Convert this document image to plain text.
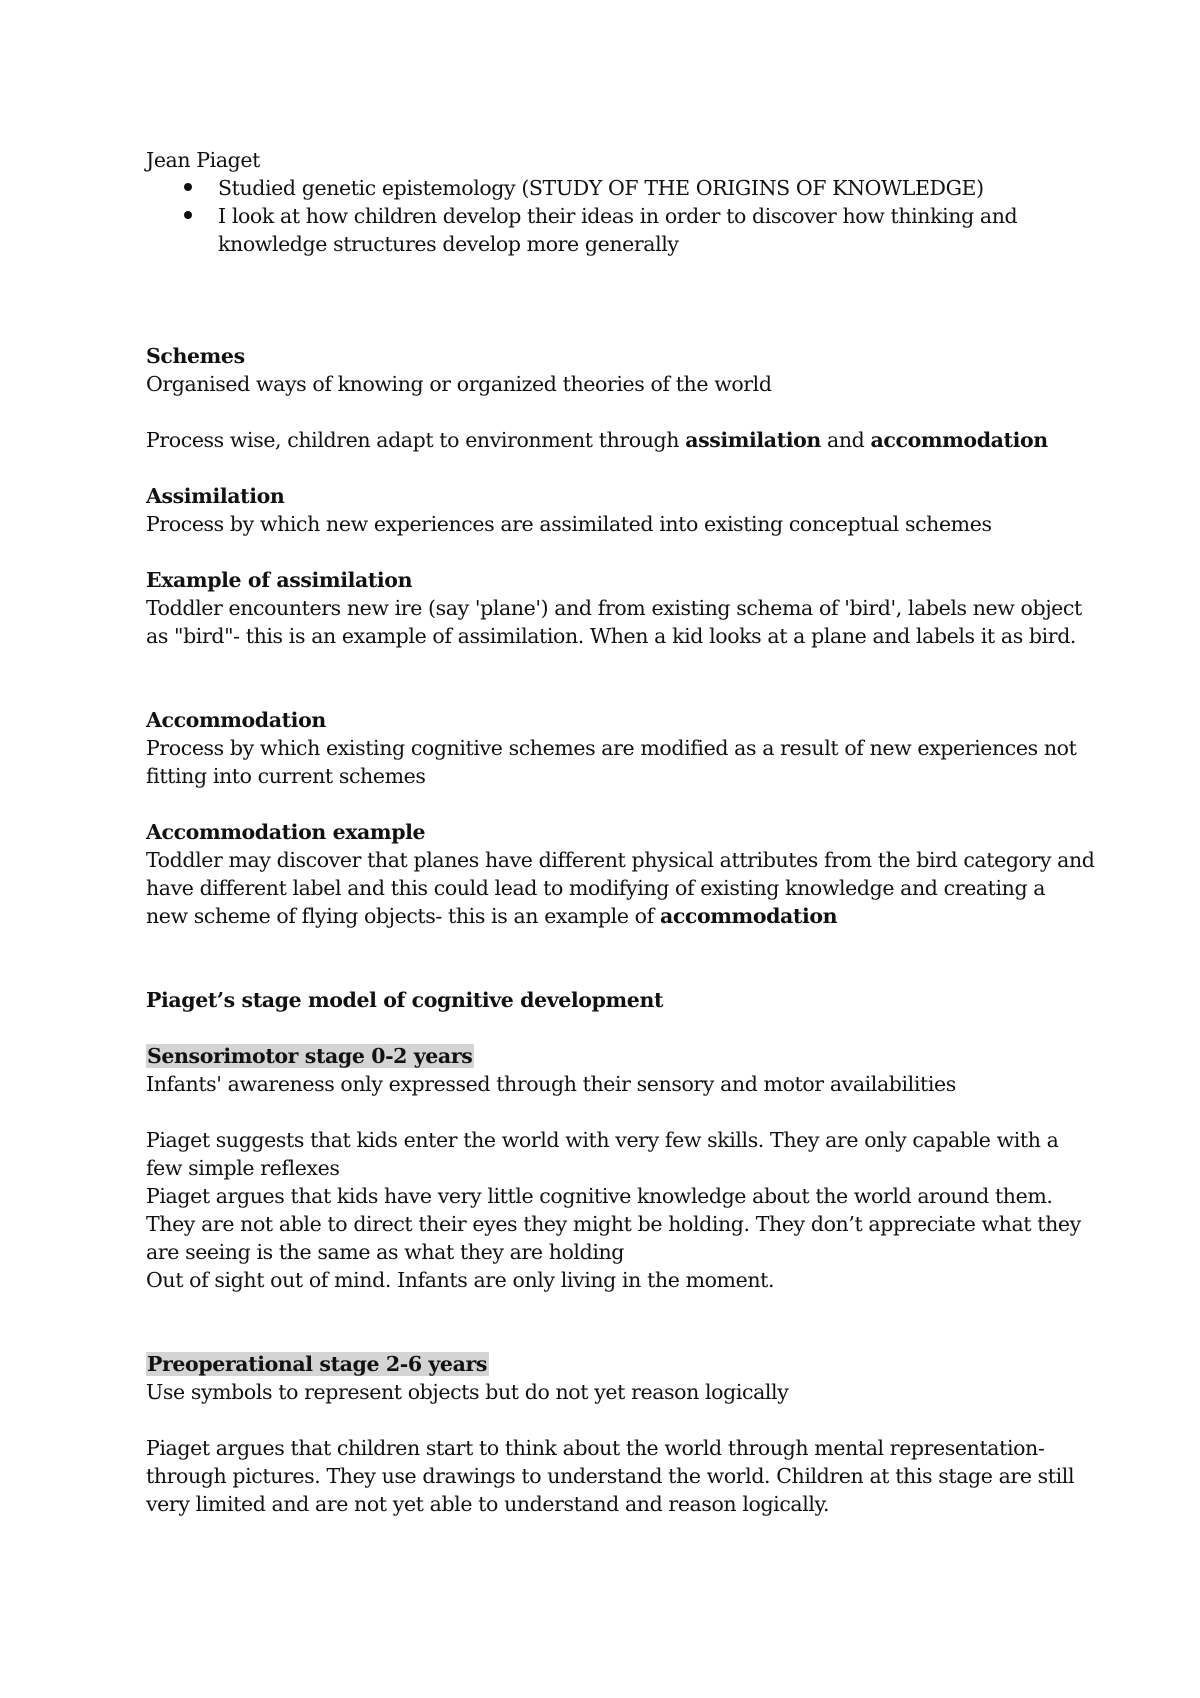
Jean Piaget
Studied genetic epistemology (STUDY OF THE ORIGINS OF KNOWLEDGE)
I look at how children develop their ideas in order to discover how thinking and knowledge structures develop more generally
Schemes
Organised ways of knowing or organized theories of the world
Process wise, children adapt to environment through assimilation and accommodation
Assimilation
Process by which new experiences are assimilated into existing conceptual schemes
Example of assimilation
Toddler encounters new ire (say 'plane') and from existing schema of 'bird', labels new object
as "bird"- this is an example of assimilation. When a kid looks at a plane and labels it as bird.
Accommodation
Process by which existing cognitive schemes are modified as a result of new experiences not
fitting into current schemes
Accommodation example
Toddler may discover that planes have different physical attributes from the bird category and
have different label and this could lead to modifying of existing knowledge and creating a
new scheme of flying objects- this is an example of accommodation
Piaget’s stage model of cognitive development
Sensorimotor stage 0-2 years
Infants' awareness only expressed through their sensory and motor availabilities
Piaget suggests that kids enter the world with very few skills. They are only capable with a
few simple reflexes
Piaget argues that kids have very little cognitive knowledge about the world around them.
They are not able to direct their eyes they might be holding. They don’t appreciate what they
are seeing is the same as what they are holding
Out of sight out of mind. Infants are only living in the moment.
Preoperational stage 2-6 years
Use symbols to represent objects but do not yet reason logically
Piaget argues that children start to think about the world through mental representation-
through pictures. They use drawings to understand the world. Children at this stage are still
very limited and are not yet able to understand and reason logically.
